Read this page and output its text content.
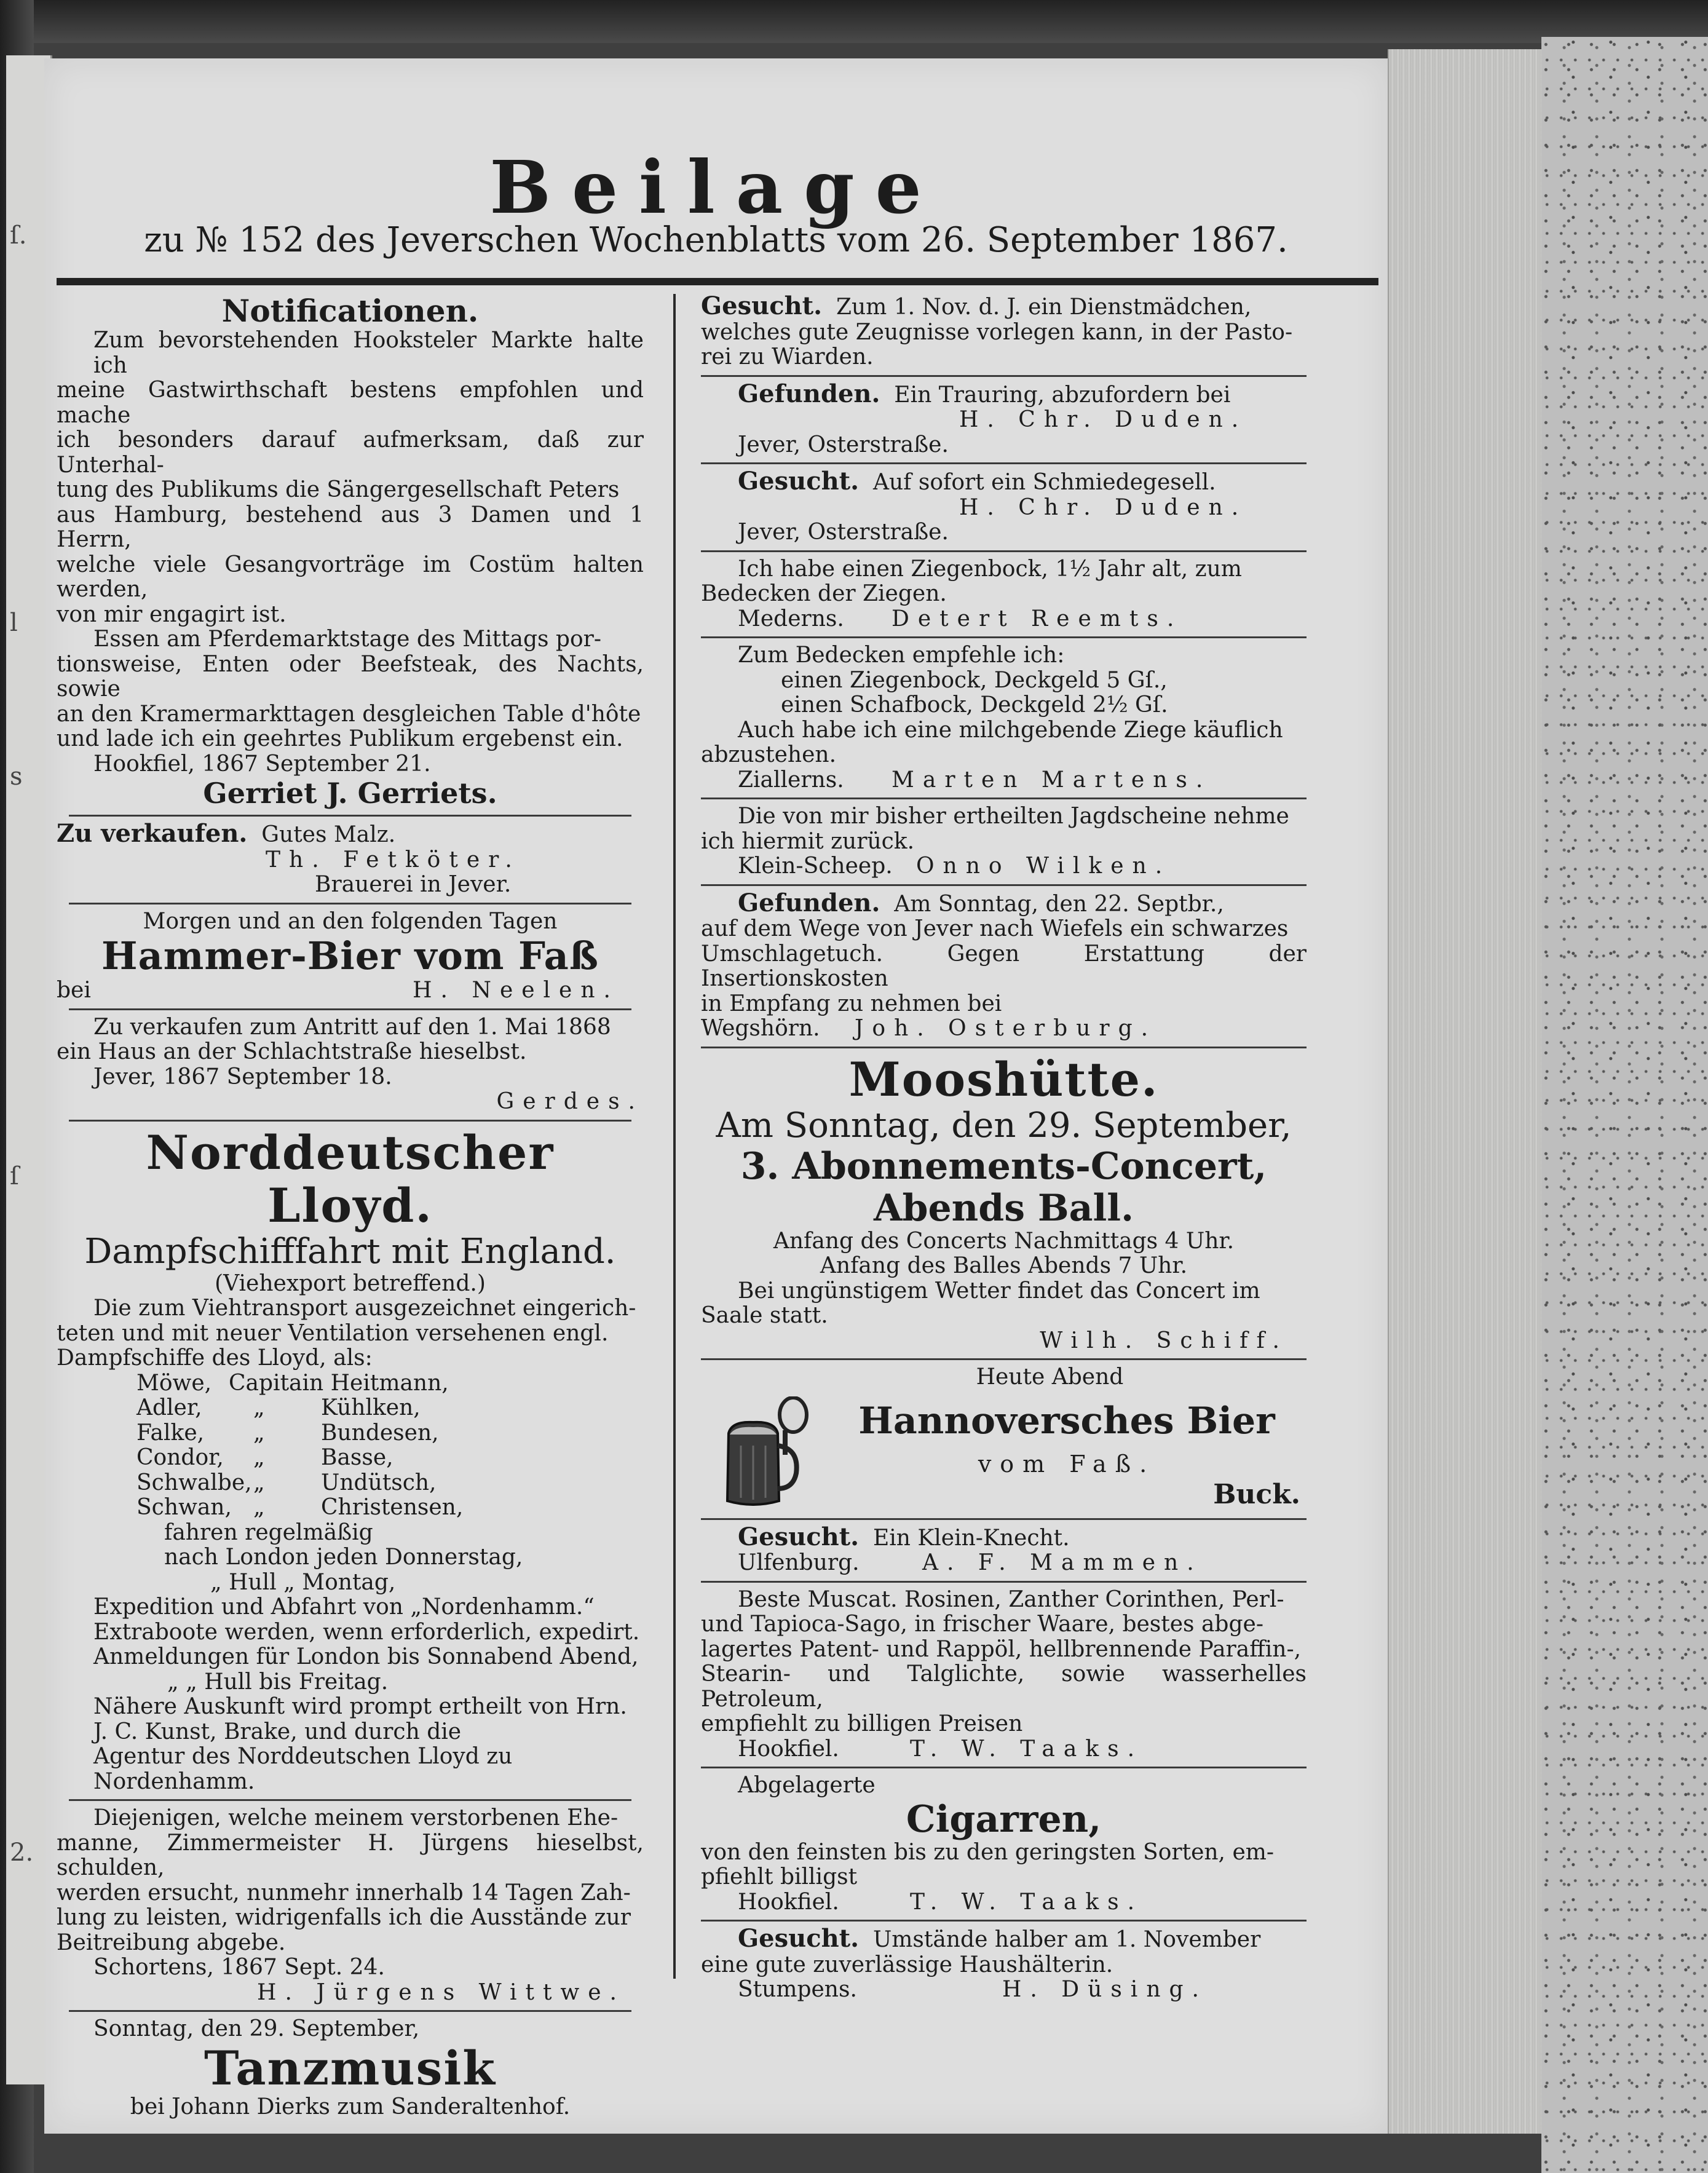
ſ.
l
s
ſ
2.
Beilage
zu № 152 des Jeverschen Wochenblatts vom 26. September 1867.
Notificationen.
Zum bevorstehenden Hooksteler Markte halte ich
meine Gastwirthschaft bestens empfohlen und mache
ich besonders darauf aufmerksam, daß zur Unterhal-
tung des Publikums die Sängergesellschaft Peters
aus Hamburg, bestehend aus 3 Damen und 1 Herrn,
welche viele Gesangvorträge im Costüm halten werden,
von mir engagirt ist.
Essen am Pferdemarktstage des Mittags por-
tionsweise, Enten oder Beefsteak, des Nachts, sowie
an den Kramermarkttagen desgleichen Table d'hôte
und lade ich ein geehrtes Publikum ergebenst ein.
Hookfiel, 1867 September 21.
Gerriet J. Gerriets.
Zu verkaufen. Gutes Malz.
Th. Fetköter.
Brauerei in Jever.
Morgen und an den folgenden Tagen
Hammer-Bier vom Faß
bei	H. Neelen.
Zu verkaufen zum Antritt auf den 1. Mai 1868
ein Haus an der Schlachtstraße hieselbst.
Jever, 1867 September 18.
Gerdes.
Norddeutscher Lloyd.
Dampfschifffahrt mit England.
(Viehexport betreffend.)
Die zum Viehtransport ausgezeichnet eingerich-
teten und mit neuer Ventilation versehenen engl.
Dampfschiffe des Lloyd, als:
Möwe, Capitain Heitmann,
Adler, „	Kühlken,
Falke, „	Bundesen,
Condor, „	Basse,
Schwalbe,„	Undütsch,
Schwan, „	Christensen,
fahren regelmäßig
nach London jeden Donnerstag,
„ Hull „ Montag,
Expedition und Abfahrt von „Nordenhamm.“
Extraboote werden, wenn erforderlich, expedirt.
Anmeldungen für London bis Sonnabend Abend,
„ „ Hull bis Freitag.
Nähere Auskunft wird prompt ertheilt von Hrn.
J. C. Kunst, Brake, und durch die
Agentur des Norddeutschen Lloyd zu Nordenhamm.
Diejenigen, welche meinem verstorbenen Ehe-
manne, Zimmermeister H. Jürgens hieselbst, schulden,
werden ersucht, nunmehr innerhalb 14 Tagen Zah-
lung zu leisten, widrigenfalls ich die Ausstände zur
Beitreibung abgebe.
Schortens, 1867 Sept. 24.
H. Jürgens Wittwe.
Sonntag, den 29. September,
Tanzmusik
bei Johann Dierks zum Sanderaltenhof.
Gesucht. Zum 1. Nov. d. J. ein Dienstmädchen,
welches gute Zeugnisse vorlegen kann, in der Pasto-
rei zu Wiarden.
Gefunden. Ein Trauring, abzufordern bei
H. Chr. Duden.
Jever, Osterstraße.
Gesucht. Auf sofort ein Schmiedegesell.
H. Chr. Duden.
Jever, Osterstraße.
Ich habe einen Ziegenbock, 1½ Jahr alt, zum
Bedecken der Ziegen.
Mederns. Detert Reemts.
Zum Bedecken empfehle ich:
einen Ziegenbock, Deckgeld 5 Gſ.,
einen Schafbock, Deckgeld 2½ Gſ.
Auch habe ich eine milchgebende Ziege käuflich
abzustehen.
Ziallerns. Marten Martens.
Die von mir bisher ertheilten Jagdscheine nehme
ich hiermit zurück.
Klein-Scheep. Onno Wilken.
Gefunden. Am Sonntag, den 22. Septbr.,
auf dem Wege von Jever nach Wiefels ein schwarzes
Umschlagetuch. Gegen Erstattung der Insertionskosten
in Empfang zu nehmen bei
Wegshörn. Joh. Osterburg.
Mooshütte.
Am Sonntag, den 29. September,
3. Abonnements-Concert,
Abends Ball.
Anfang des Concerts Nachmittags 4 Uhr.
Anfang des Balles Abends 7 Uhr.
Bei ungünstigem Wetter findet das Concert im
Saale statt.
Wilh. Schiff.
Heute Abend
Hannoversches Bier
vom Faß.
Buck.
Gesucht. Ein Klein-Knecht.
Ulfenburg.	A. F. Mammen.
Beste Muscat. Rosinen, Zanther Corinthen, Perl-
und Tapioca-Sago, in frischer Waare, bestes abge-
lagertes Patent- und Rappöl, hellbrennende Paraffin-,
Stearin- und Talglichte, sowie wasserhelles Petroleum,
empfiehlt zu billigen Preisen
Hookfiel.	T. W. Taaks.
Abgelagerte
Cigarren,
von den feinsten bis zu den geringsten Sorten, em-
pfiehlt billigst
Hookfiel.	T. W. Taaks.
Gesucht. Umstände halber am 1. November
eine gute zuverlässige Haushälterin.
Stumpens.	H. Düsing.
